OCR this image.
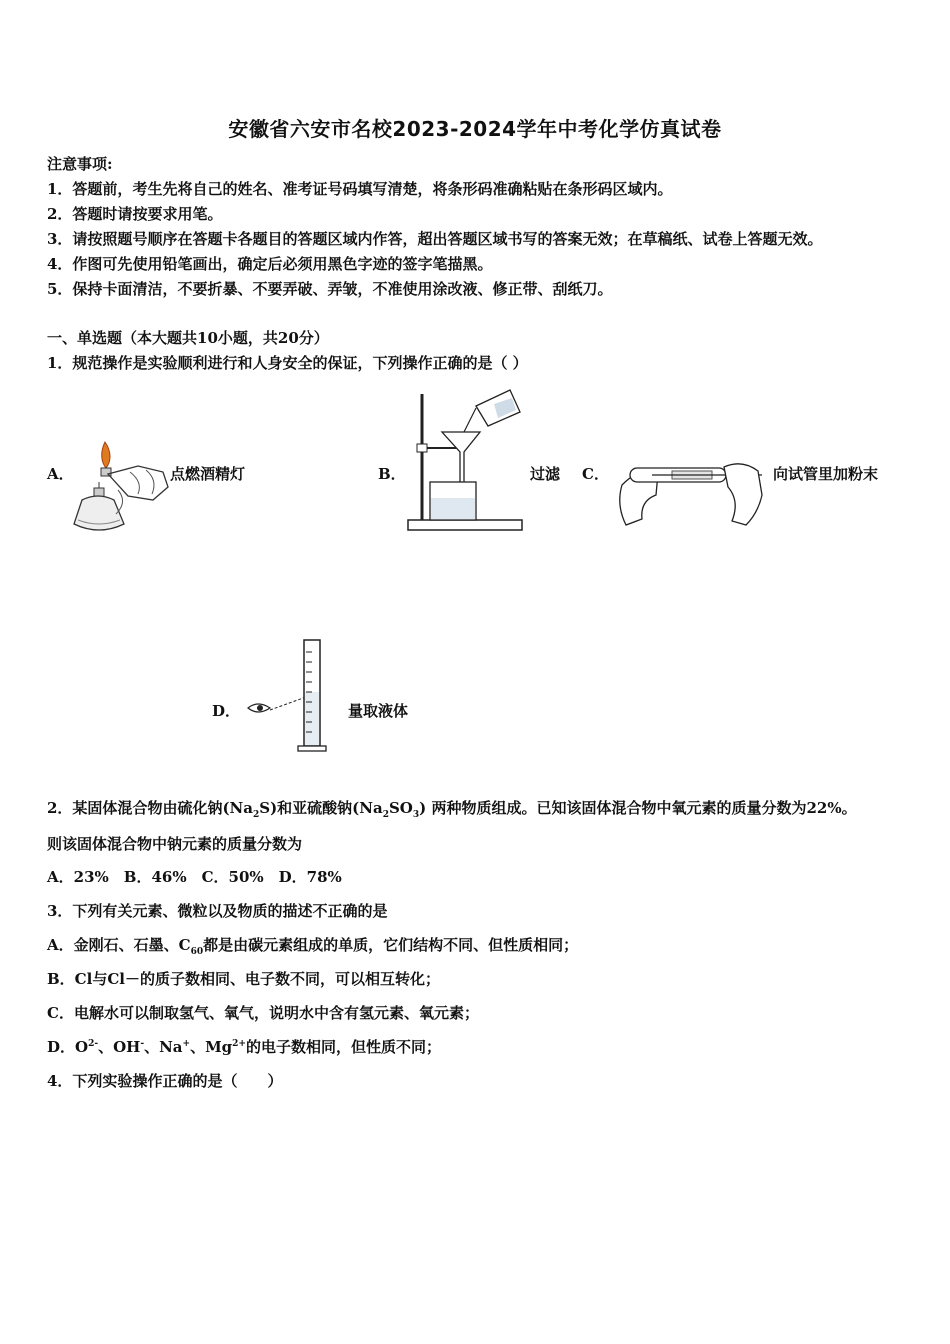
安徽省六安市名校2023-2024学年中考化学仿真试卷
注意事项:
1．答题前，考生先将自己的姓名、准考证号码填写清楚，将条形码准确粘贴在条形码区域内。
2．答题时请按要求用笔。
3．请按照题号顺序在答题卡各题目的答题区域内作答，超出答题区域书写的答案无效；在草稿纸、试卷上答题无效。
4．作图可先使用铅笔画出，确定后必须用黑色字迹的签字笔描黑。
5．保持卡面清洁，不要折暴、不要弄破、弄皱，不准使用涂改液、修正带、刮纸刀。
一、单选题（本大题共10小题，共20分）
1．规范操作是实验顺利进行和人身安全的保证，下列操作正确的是（ ）
A．	点燃酒精灯	B．	过滤 C．	向试管里加粉末
D．	量取液体
2．某固体混合物由硫化钠$(Na_2S)$和亚硫酸钠$(Na_2SO_3)$ 两种物质组成。已知该固体混合物中氧元素的质量分数为22%。
则该固体混合物中钠元素的质量分数为
A．23%　B．46%　C．50%　D．78%
3．下列有关元素、微粒以及物质的描述不正确的是
A．金刚石、石墨、$C_{60}$都是由碳元素组成的单质，它们结构不同、但性质相同；
B．Cl与Cl－的质子数相同、电子数不同，可以相互转化；
C．电解水可以制取氢气、氧气，说明水中含有氢元素、氧元素；
D．$O^{2-}$、OH-、Na+、$Mg^{2+}$的电子数相同，但性质不同；
4．下列实验操作正确的是（　　）
